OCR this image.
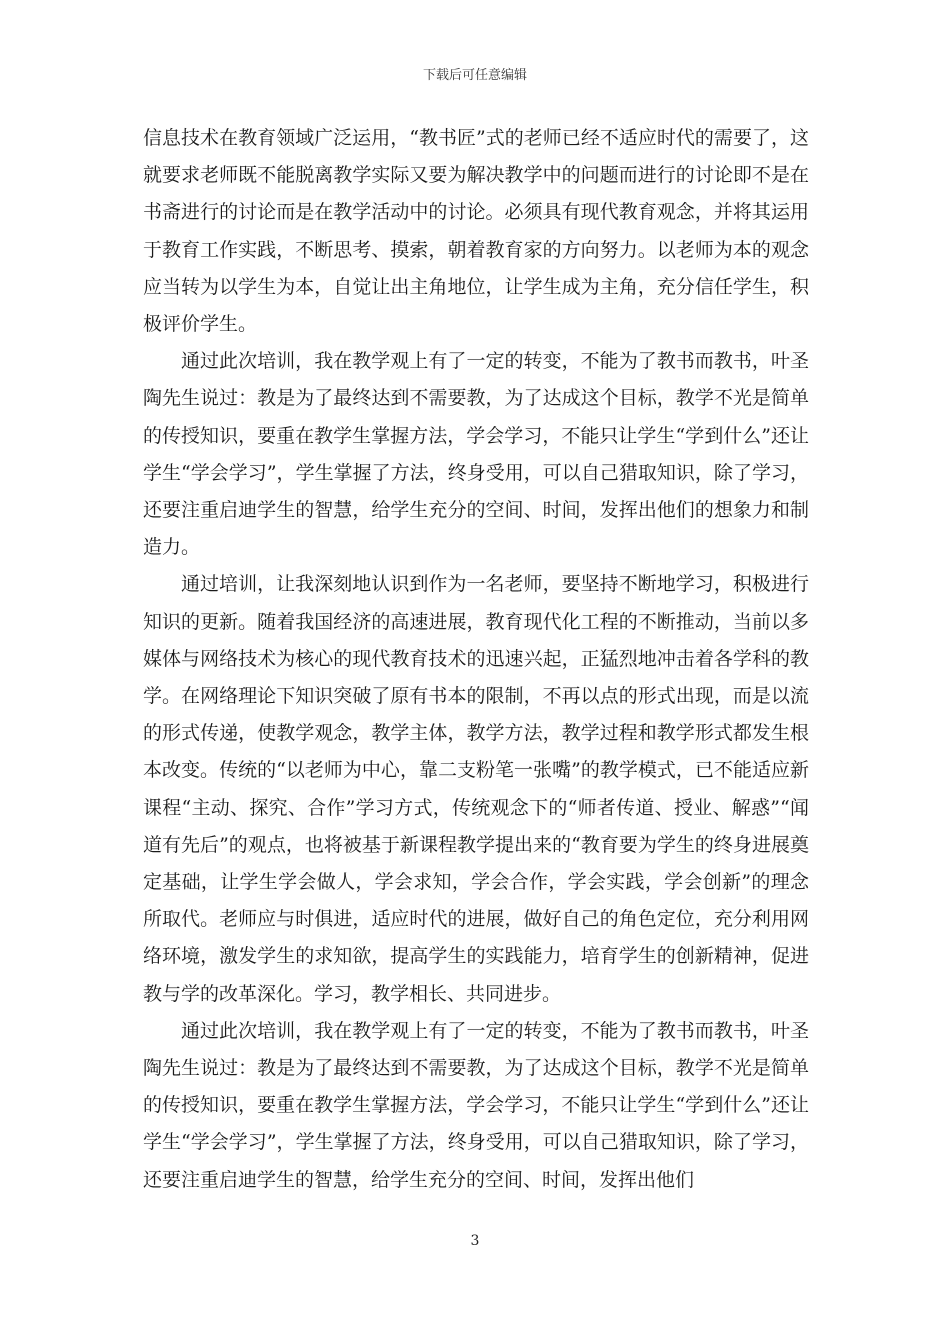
下载后可任意编辑

信息技术在教育领域广泛运用，“教书匠”式的老师已经不适应时代的需要了，这就要求老师既不能脱离教学实际又要为解决教学中的问题而进行的讨论即不是在书斋进行的讨论而是在教学活动中的讨论。必须具有现代教育观念，并将其运用于教育工作实践，不断思考、摸索，朝着教育家的方向努力。以老师为本的观念应当转为以学生为本，自觉让出主角地位，让学生成为主角，充分信任学生，积极评价学生。

通过此次培训，我在教学观上有了一定的转变，不能为了教书而教书，叶圣陶先生说过：教是为了最终达到不需要教，为了达成这个目标，教学不光是简单的传授知识，要重在教学生掌握方法，学会学习，不能只让学生“学到什么”还让学生“学会学习”，学生掌握了方法，终身受用，可以自己猎取知识，除了学习，还要注重启迪学生的智慧，给学生充分的空间、时间，发挥出他们的想象力和制造力。

通过培训，让我深刻地认识到作为一名老师，要坚持不断地学习，积极进行知识的更新。随着我国经济的高速进展，教育现代化工程的不断推动，当前以多媒体与网络技术为核心的现代教育技术的迅速兴起，正猛烈地冲击着各学科的教学。在网络理论下知识突破了原有书本的限制，不再以点的形式出现，而是以流的形式传递，使教学观念，教学主体，教学方法，教学过程和教学形式都发生根本改变。传统的“以老师为中心，靠二支粉笔一张嘴”的教学模式，已不能适应新课程“主动、探究、合作”学习方式，传统观念下的“师者传道、授业、解惑”“闻道有先后”的观点，也将被基于新课程教学提出来的“教育要为学生的终身进展奠定基础，让学生学会做人，学会求知，学会合作，学会实践，学会创新”的理念所取代。老师应与时俱进，适应时代的进展，做好自己的角色定位，充分利用网络环境，激发学生的求知欲，提高学生的实践能力，培育学生的创新精神，促进教与学的改革深化。学习，教学相长、共同进步。

通过此次培训，我在教学观上有了一定的转变，不能为了教书而教书，叶圣陶先生说过：教是为了最终达到不需要教，为了达成这个目标，教学不光是简单的传授知识，要重在教学生掌握方法，学会学习，不能只让学生“学到什么”还让学生“学会学习”，学生掌握了方法，终身受用，可以自己猎取知识，除了学习，还要注重启迪学生的智慧，给学生充分的空间、时间，发挥出他们

3
